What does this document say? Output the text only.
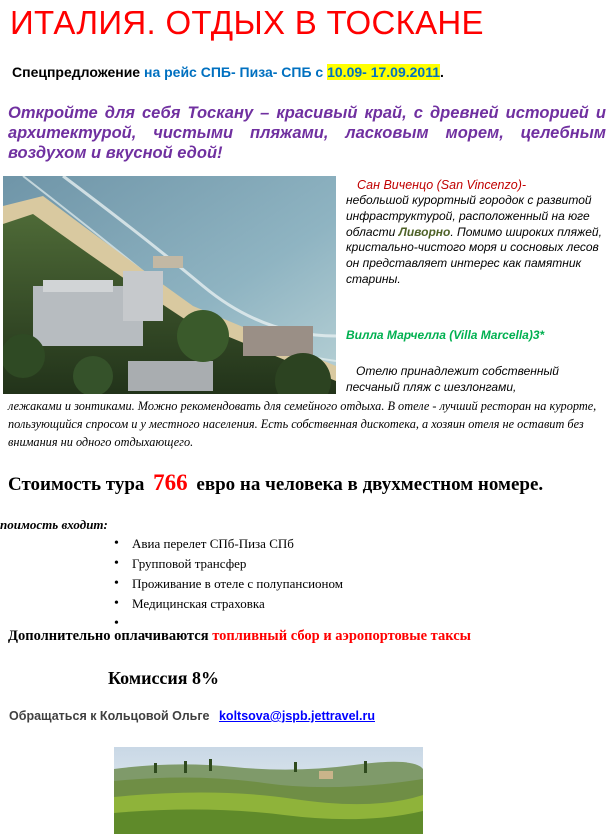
ИТАЛИЯ. ОТДЫХ В ТОСКАНЕ
Спецпредложение на рейс СПБ- Пиза- СПБ с 10.09- 17.09.2011.
Откройте для себя Тоскану – красивый край, с древней историей и архитектурой, чистыми пляжами, ласковым морем, целебным воздухом и вкусной едой!
Сан Виченцо (San Vincenzo)-
небольшой курортный городок с развитой инфраструктурой, расположенный на юге области Ливорно. Помимо широких пляжей, кристально-чистого моря и сосновых лесов он представляет интерес как памятник старины.
Вилла Марчелла (Villa Marcella)3*
Отелю принадлежит собственный песчаный пляж с шезлонгами,
лежаками и зонтиками. Можно рекомендовать для семейного отдыха. В отеле - лучший ресторан на курорте, пользующийся спросом и у местного населения. Есть собственная дискотека, а хозяин отеля не оставит без внимания ни одного отдыхающего.
Стоимость тура 766 евро на человека в двухместном номере.
поимость входит:
• Авиа перелет СПб-Пиза СПб
• Групповой трансфер
• Проживание в отеле с полупансионом
• Медицинская страховка
•
Дополнительно оплачиваются топливный сбор и аэропортовые таксы
Комиссия 8%
Обращаться к Кольцовой Ольге koltsova@jspb.jettravel.ru
